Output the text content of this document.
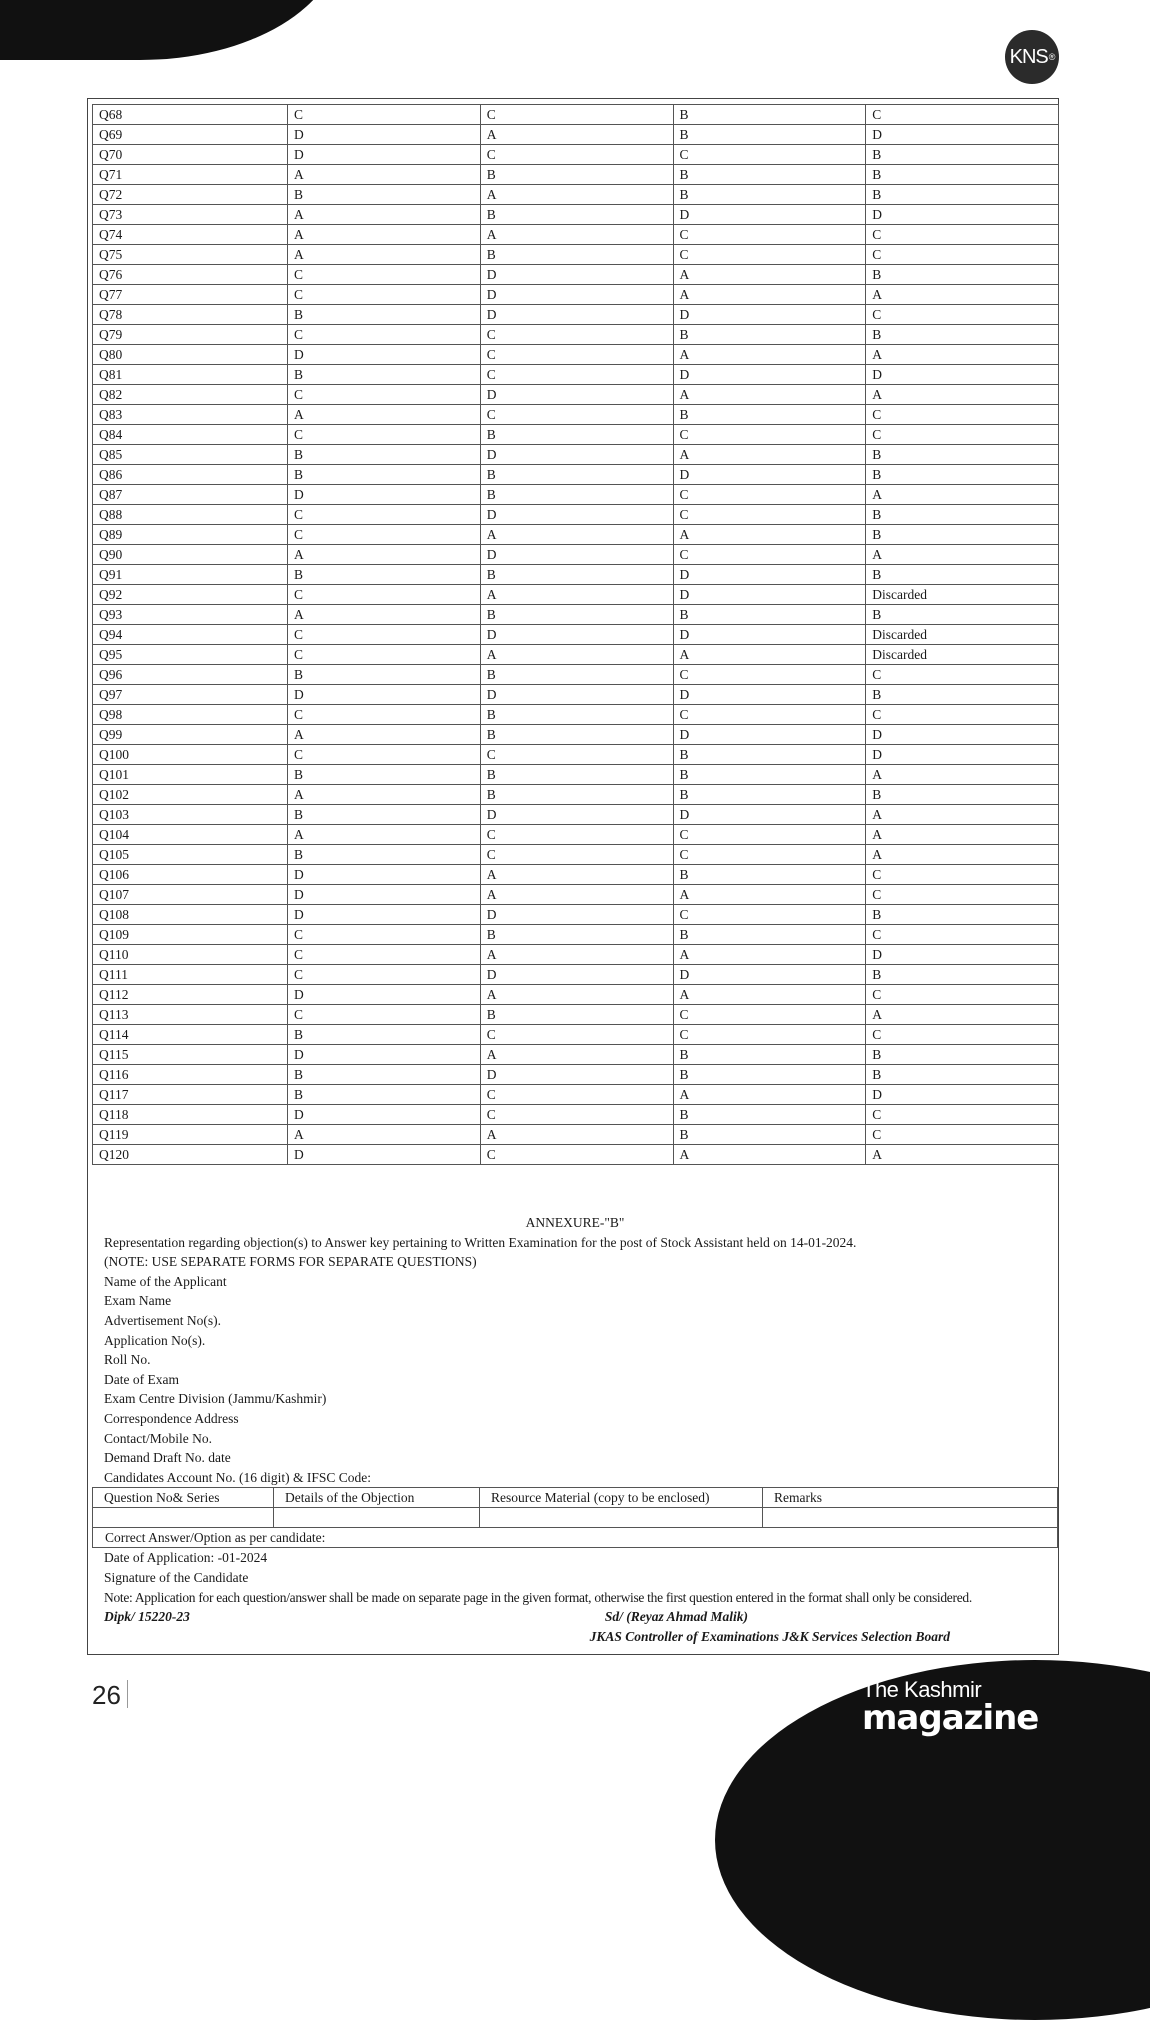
KNS ®
Q68	C	C	B	C
Q69	D	A	B	D
Q70	D	C	C	B
Q71	A	B	B	B
Q72	B	A	B	B
Q73	A	B	D	D
Q74	A	A	C	C
Q75	A	B	C	C
Q76	C	D	A	B
Q77	C	D	A	A
Q78	B	D	D	C
Q79	C	C	B	B
Q80	D	C	A	A
Q81	B	C	D	D
Q82	C	D	A	A
Q83	A	C	B	C
Q84	C	B	C	C
Q85	B	D	A	B
Q86	B	B	D	B
Q87	D	B	C	A
Q88	C	D	C	B
Q89	C	A	A	B
Q90	A	D	C	A
Q91	B	B	D	B
Q92	C	A	D	Discarded
Q93	A	B	B	B
Q94	C	D	D	Discarded
Q95	C	A	A	Discarded
Q96	B	B	C	C
Q97	D	D	D	B
Q98	C	B	C	C
Q99	A	B	D	D
Q100	C	C	B	D
Q101	B	B	B	A
Q102	A	B	B	B
Q103	B	D	D	A
Q104	A	C	C	A
Q105	B	C	C	A
Q106	D	A	B	C
Q107	D	A	A	C
Q108	D	D	C	B
Q109	C	B	B	C
Q110	C	A	A	D
Q111	C	D	D	B
Q112	D	A	A	C
Q113	C	B	C	A
Q114	B	C	C	C
Q115	D	A	B	B
Q116	B	D	B	B
Q117	B	C	A	D
Q118	D	C	B	C
Q119	A	A	B	C
Q120	D	C	A	A
ANNEXURE-"B"
Representation regarding objection(s) to Answer key pertaining to Written Examination for the post of Stock Assistant held on 14-01-2024.
(NOTE: USE SEPARATE FORMS FOR SEPARATE QUESTIONS)
Name of the Applicant
Exam Name
Advertisement No(s).
Application No(s).
Roll No.
Date of Exam
Exam Centre Division (Jammu/Kashmir)
Correspondence Address
Contact/Mobile No.
Demand Draft No. date
Candidates Account No. (16 digit) & IFSC Code:
Question No& Series	Details of the Objection	Resource Material (copy to be enclosed)	Remarks

Correct Answer/Option as per candidate:
Date of Application: -01-2024
Signature of the Candidate
Note: Application for each question/answer shall be made on separate page in the given format, otherwise the first question entered in the format shall only be considered.
Dipk/ 15220-23	Sd/ (Reyaz Ahmad Malik)
JKAS Controller of Examinations J&K Services Selection Board
26	The Kashmir
magazine
